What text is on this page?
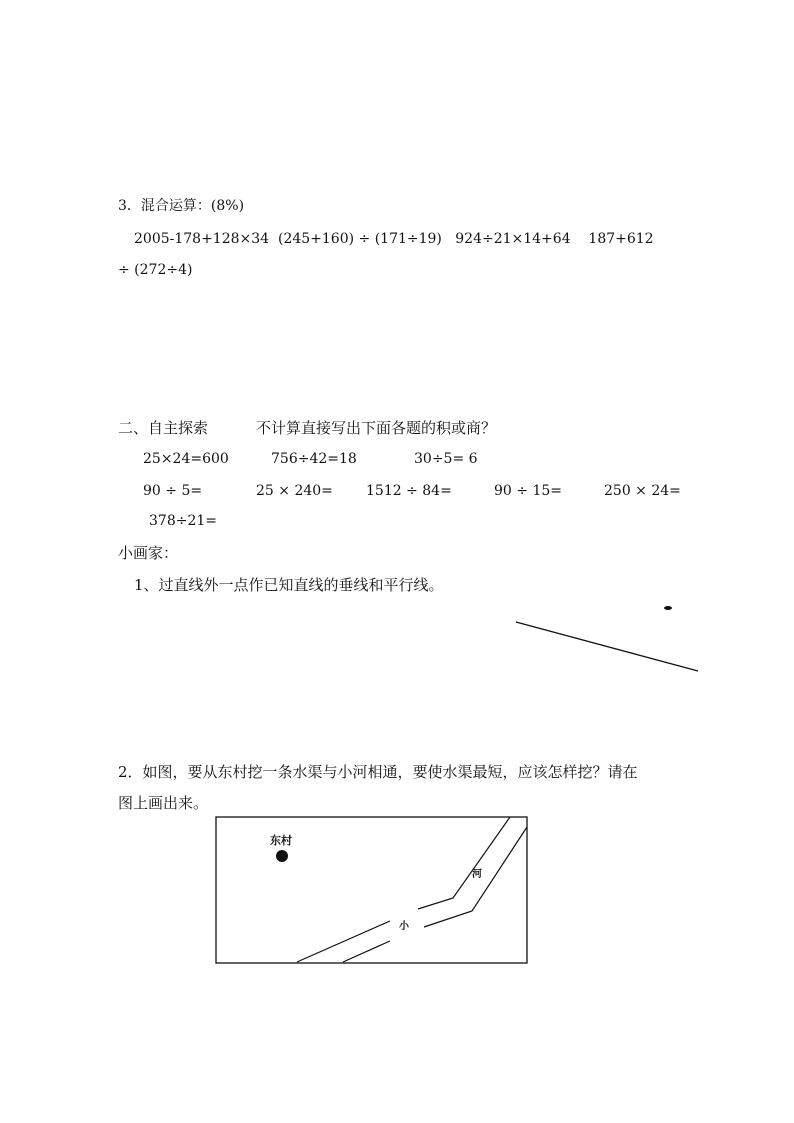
3．混合运算：(8%)
2005-178+128×34  (245+160) ÷ (171÷19)   924÷21×14+64    187+612
÷ (272÷4)
二、自主探索	不计算直接写出下面各题的积或商？
25×24=600	756÷42=18	30÷5= 6
90 ÷ 5=	25 × 240= 1512 ÷ 84=	90 ÷ 15=	250 × 24=
378÷21=
小画家：
1、过直线外一点作已知直线的垂线和平行线。
东村
河
小
2．如图，要从东村挖一条水渠与小河相通，要使水渠最短，应该怎样挖？请在
图上画出来。
